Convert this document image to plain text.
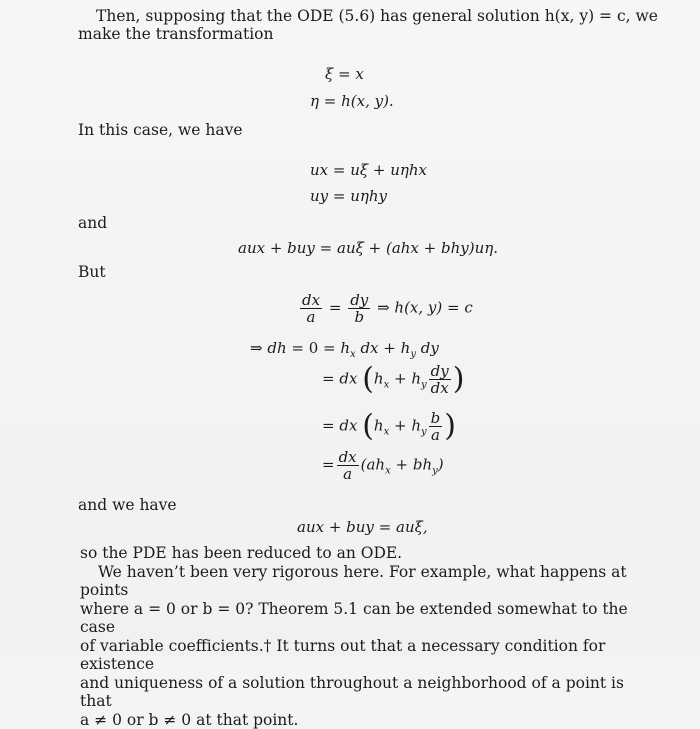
Then, supposing that the ODE (5.6) has general solution h(x, y) = c, we
make the transformation
ξ = x
η = h(x, y).
In this case, we have
ux = uξ + uηhx
uy = uηhy
and
aux + buy = auξ + (ahx + bhy)uη.
But
$\frac{dx}{a} = \frac{dy}{b}$ ⇒ h(x, y) = c
⇒ dh = $0 = h_x$ dx + $h_y$ dy
= dx ($h_x + h_y \frac{dy}{dx}$ )
= dx ($h_x + h_y \frac{b}{a}$ )
= $\frac{dx}{a} (ah_x + bh_y)$
and we have
aux + buy = auξ,
so the PDE has been reduced to an ODE.
We haven’t been very rigorous here. For example, what happens at points
where a = 0 or b = 0? Theorem 5.1 can be extended somewhat to the case
of variable coefficients.† It turns out that a necessary condition for existence
and uniqueness of a solution throughout a neighborhood of a point is that
a ≠ 0 or b ≠ 0 at that point.
